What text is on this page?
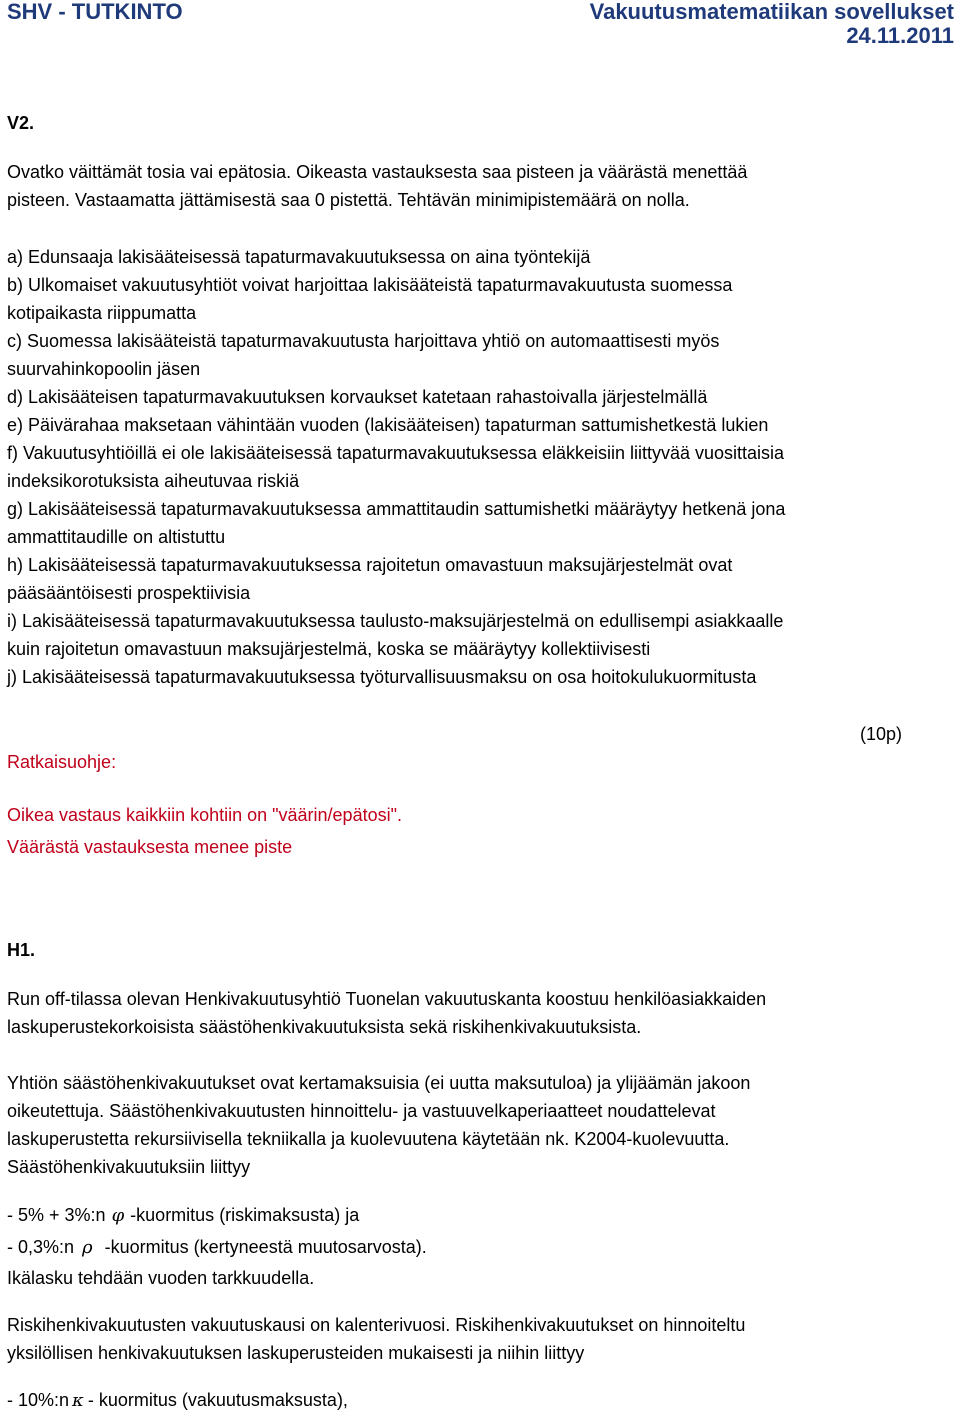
SHV - TUTKINTO	Vakuutusmatematiikan sovellukset
24.11.2011
V2.
Ovatko väittämät tosia vai epätosia. Oikeasta vastauksesta saa pisteen ja väärästä menettää
pisteen. Vastaamatta jättämisestä saa 0 pistettä. Tehtävän minimipistemäärä on nolla.
a) Edunsaaja lakisääteisessä tapaturmavakuutuksessa on aina työntekijä
b) Ulkomaiset vakuutusyhtiöt voivat harjoittaa lakisääteistä tapaturmavakuutusta suomessa
kotipaikasta riippumatta
c) Suomessa lakisääteistä tapaturmavakuutusta harjoittava yhtiö on automaattisesti myös
suurvahinkopoolin jäsen
d) Lakisääteisen tapaturmavakuutuksen korvaukset katetaan rahastoivalla järjestelmällä
e) Päivärahaa maksetaan vähintään vuoden (lakisääteisen) tapaturman sattumishetkestä lukien
f) Vakuutusyhtiöillä ei ole lakisääteisessä tapaturmavakuutuksessa eläkkeisiin liittyvää vuosittaisia
indeksikorotuksista aiheutuvaa riskiä
g) Lakisääteisessä tapaturmavakuutuksessa ammattitaudin sattumishetki määräytyy hetkenä jona
ammattitaudille on altistuttu
h) Lakisääteisessä tapaturmavakuutuksessa rajoitetun omavastuun maksujärjestelmät ovat
pääsääntöisesti prospektiivisia
i) Lakisääteisessä tapaturmavakuutuksessa taulusto-maksujärjestelmä on edullisempi asiakkaalle
kuin rajoitetun omavastuun maksujärjestelmä, koska se määräytyy kollektiivisesti
j) Lakisääteisessä tapaturmavakuutuksessa työturvallisuusmaksu on osa hoitokulukuormitusta
(10p)
Ratkaisuohje:
Oikea vastaus kaikkiin kohtiin on "väärin/epätosi".
Väärästä vastauksesta menee piste
H1.
Run off-tilassa olevan Henkivakuutusyhtiö Tuonelan vakuutuskanta koostuu henkilöasiakkaiden
laskuperustekorkoisista säästöhenkivakuutuksista sekä riskihenkivakuutuksista.
Yhtiön säästöhenkivakuutukset ovat kertamaksuisia (ei uutta maksutuloa) ja ylijäämän jakoon
oikeutettuja. Säästöhenkivakuutusten hinnoittelu- ja vastuuvelkaperiaatteet noudattelevat
laskuperustetta rekursiivisella tekniikalla ja kuolevuutena käytetään nk. K2004-kuolevuutta.
Säästöhenkivakuutuksiin liittyy
- 5% + 3%:n φ -kuormitus (riskimaksusta) ja
- 0,3%:n ρ -kuormitus (kertyneestä muutosarvosta).
Ikälasku tehdään vuoden tarkkuudella.
Riskihenkivakuutusten vakuutuskausi on kalenterivuosi. Riskihenkivakuutukset on hinnoiteltu
yksilöllisen henkivakuutuksen laskuperusteiden mukaisesti ja niihin liittyy
- 10%:n κ - kuormitus (vakuutusmaksusta),
